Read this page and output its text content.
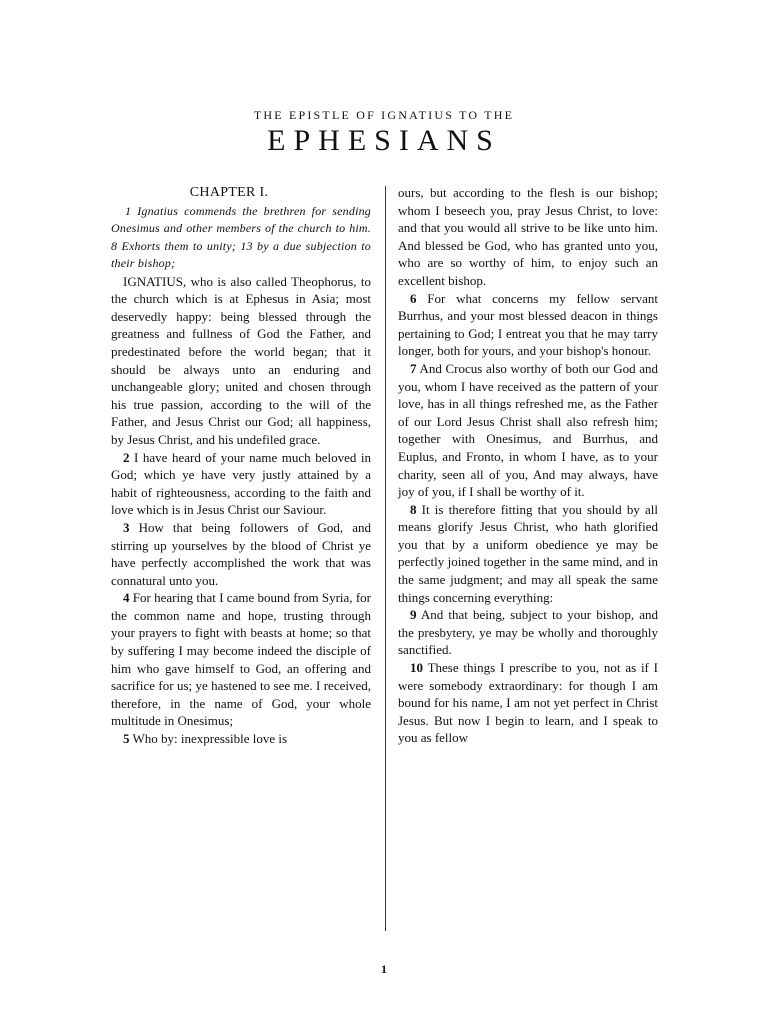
THE EPISTLE OF IGNATIUS TO THE
EPHESIANS
CHAPTER I.

1 Ignatius commends the brethren for sending Onesimus and other members of the church to him. 8 Exhorts them to unity; 13 by a due subjection to their bishop;

IGNATIUS, who is also called Theophorus, to the church which is at Ephesus in Asia; most deservedly happy: being blessed through the greatness and fullness of God the Father, and predestinated before the world began; that it should be always unto an enduring and unchangeable glory; united and chosen through his true passion, according to the will of the Father, and Jesus Christ our God; all happiness, by Jesus Christ, and his undefiled grace.

2 I have heard of your name much beloved in God; which ye have very justly attained by a habit of righteousness, according to the faith and love which is in Jesus Christ our Saviour.

3 How that being followers of God, and stirring up yourselves by the blood of Christ ye have perfectly accomplished the work that was connatural unto you.

4 For hearing that I came bound from Syria, for the common name and hope, trusting through your prayers to fight with beasts at home; so that by suffering I may become indeed the disciple of him who gave himself to God, an offering and sacrifice for us; ye hastened to see me. I received, therefore, in the name of God, your whole multitude in Onesimus;

5 Who by: inexpressible love is

ours, but according to the flesh is our bishop; whom I beseech you, pray Jesus Christ, to love: and that you would all strive to be like unto him. And blessed be God, who has granted unto you, who are so worthy of him, to enjoy such an excellent bishop.

6 For what concerns my fellow servant Burrhus, and your most blessed deacon in things pertaining to God; I entreat you that he may tarry longer, both for yours, and your bishop's honour.

7 And Crocus also worthy of both our God and you, whom I have received as the pattern of your love, has in all things refreshed me, as the Father of our Lord Jesus Christ shall also refresh him; together with Onesimus, and Burrhus, and Euplus, and Fronto, in whom I have, as to your charity, seen all of you, And may always, have joy of you, if I shall be worthy of it.

8 It is therefore fitting that you should by all means glorify Jesus Christ, who hath glorified you that by a uniform obedience ye may be perfectly joined together in the same mind, and in the same judgment; and may all speak the same things concerning everything:

9 And that being, subject to your bishop, and the presbytery, ye may be wholly and thoroughly sanctified.

10 These things I prescribe to you, not as if I were somebody extraordinary: for though I am bound for his name, I am not yet perfect in Christ Jesus. But now I begin to learn, and I speak to you as fellow

1
